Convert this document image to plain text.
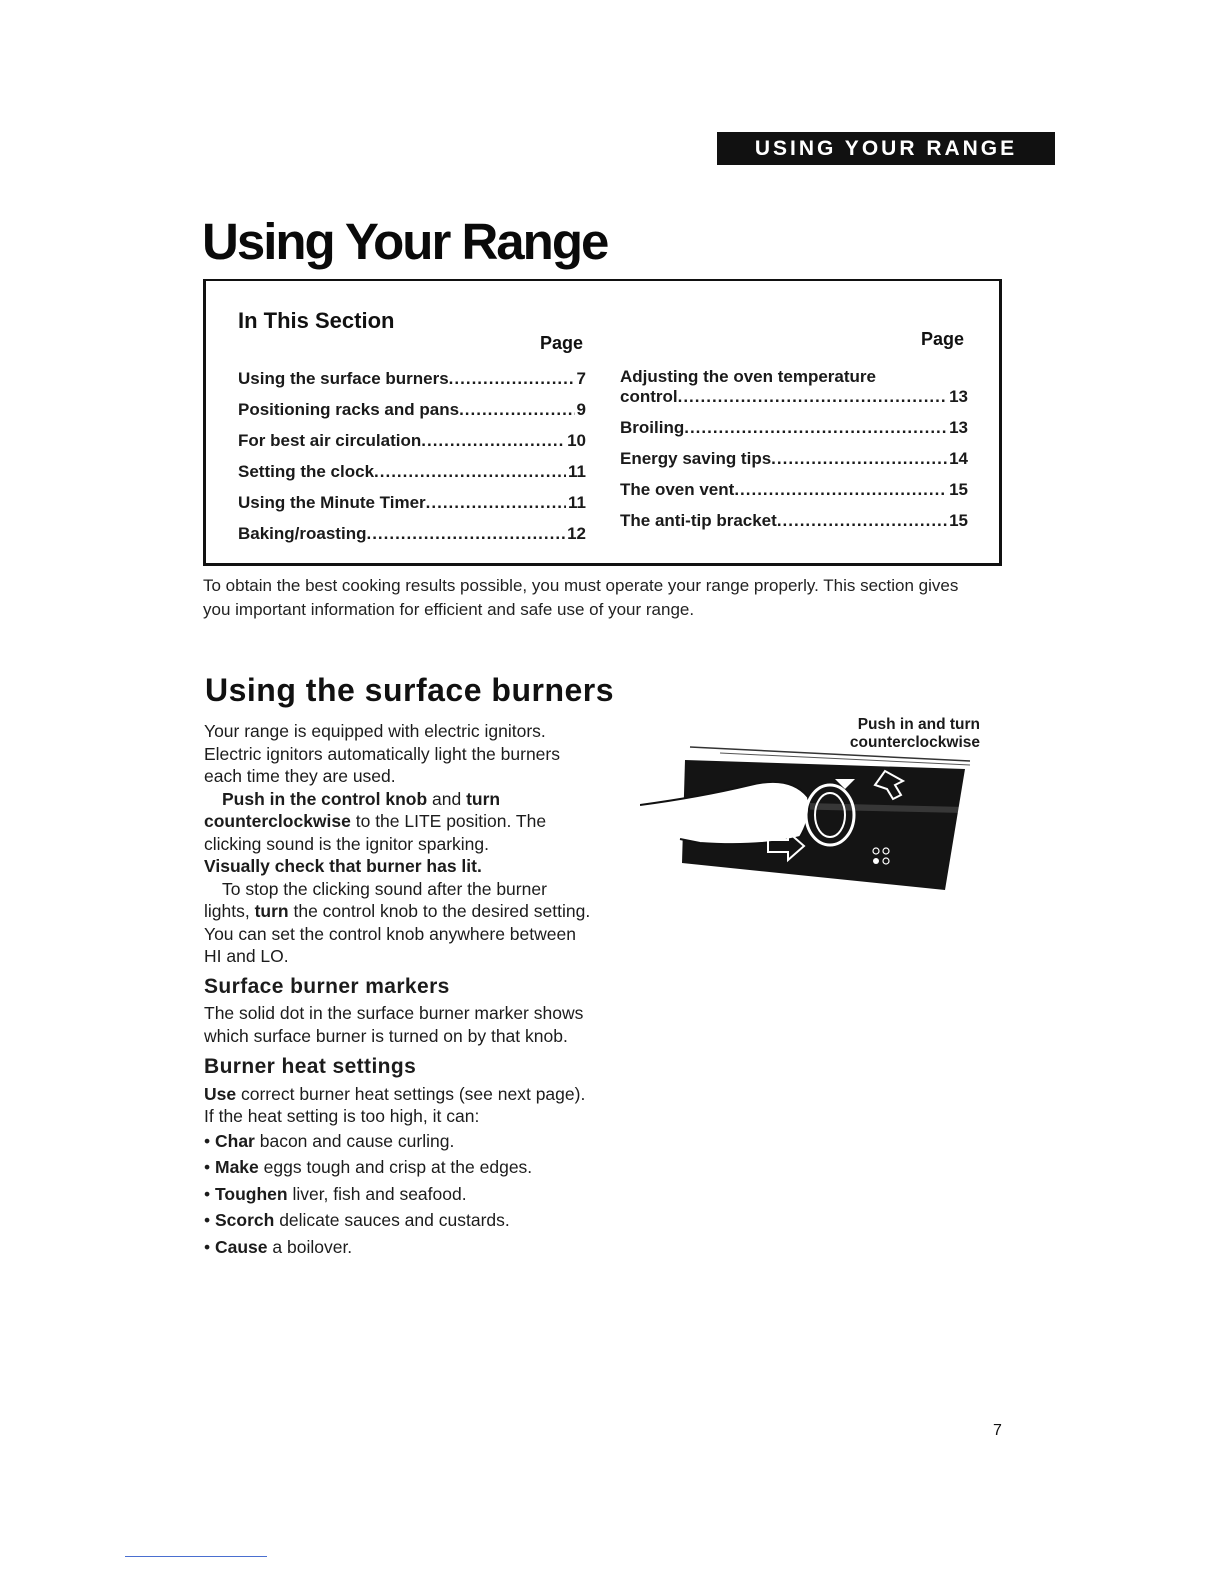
USING YOUR RANGE
Using Your Range
In This Section
Page	Page
Using the surface burners .....	7
Positioning racks and pans .....	9
For best air circulation .....	10
Setting the clock .....	11
Using the Minute Timer .....	11
Baking/roasting .....	12
Adjusting the oven temperature
control .....	13
Broiling .....	13
Energy saving tips .....	14
The oven vent .....	15
The anti-tip bracket .....	15
To obtain the best cooking results possible, you must operate your range properly. This section gives you important information for efficient and safe use of your range.
Using the surface burners

Your range is equipped with electric ignitors. Electric ignitors automatically light the burners each time they are used.

Push in the control knob and turn counterclockwise to the LITE position. The clicking sound is the ignitor sparking.

Visually check that burner has lit.

To stop the clicking sound after the burner lights, turn the control knob to the desired setting. You can set the control knob anywhere between HI and LO.

Surface burner markers

The solid dot in the surface burner marker shows which surface burner is turned on by that knob.

Burner heat settings

Use correct burner heat settings (see next page). If the heat setting is too high, it can:

• Char bacon and cause curling.

• Make eggs tough and crisp at the edges.

• Toughen liver, fish and seafood.

• Scorch delicate sauces and custards.

• Cause a boilover.

Push in and turn counterclockwise
7
